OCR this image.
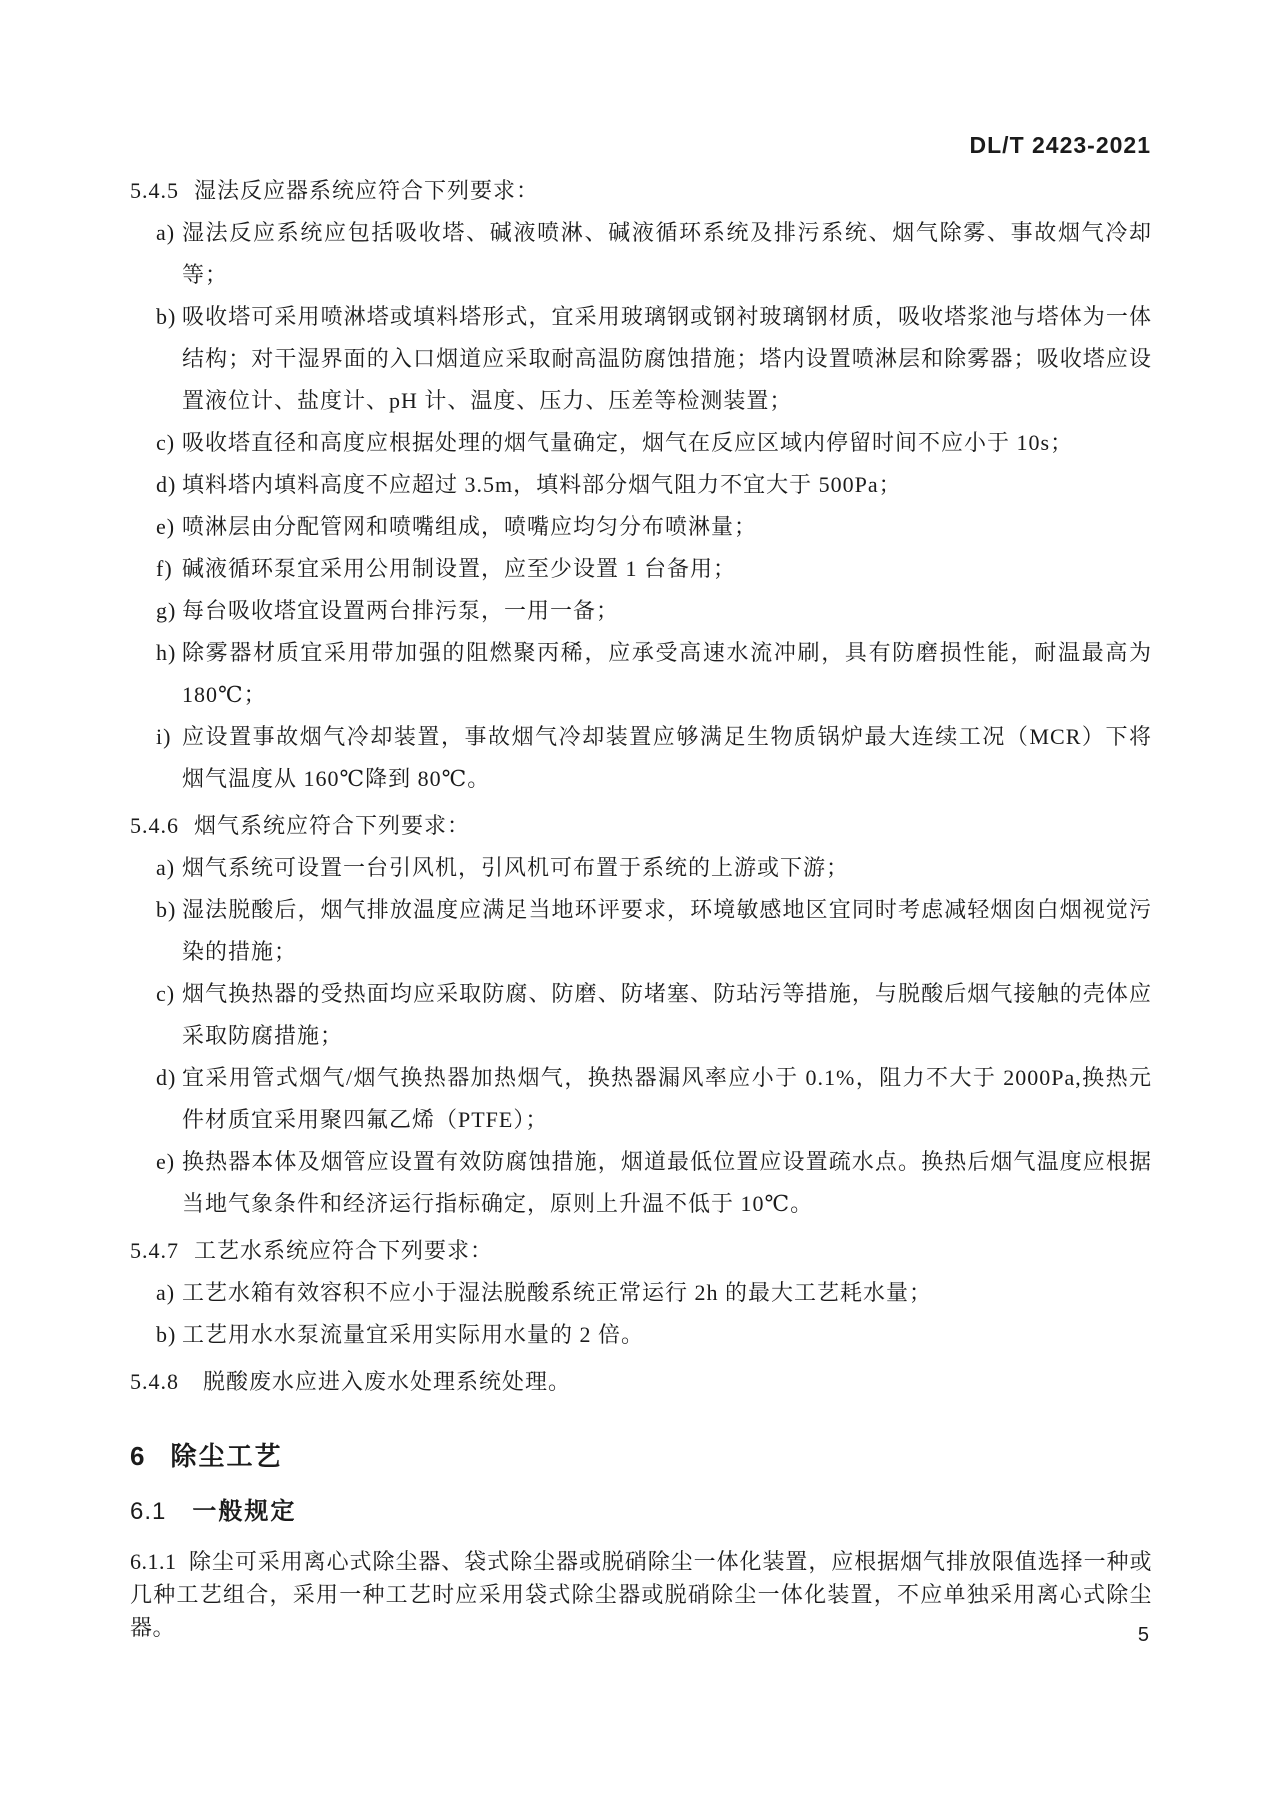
DL/T 2423-2021
5.4.5 湿法反应器系统应符合下列要求：
a) 湿法反应系统应包括吸收塔、碱液喷淋、碱液循环系统及排污系统、烟气除雾、事故烟气冷却等；
b) 吸收塔可采用喷淋塔或填料塔形式，宜采用玻璃钢或钢衬玻璃钢材质，吸收塔浆池与塔体为一体结构；对干湿界面的入口烟道应采取耐高温防腐蚀措施；塔内设置喷淋层和除雾器；吸收塔应设置液位计、盐度计、pH 计、温度、压力、压差等检测装置；
c) 吸收塔直径和高度应根据处理的烟气量确定，烟气在反应区域内停留时间不应小于 10s；
d) 填料塔内填料高度不应超过 3.5m，填料部分烟气阻力不宜大于 500Pa；
e) 喷淋层由分配管网和喷嘴组成，喷嘴应均匀分布喷淋量；
f) 碱液循环泵宜采用公用制设置，应至少设置 1 台备用；
g) 每台吸收塔宜设置两台排污泵，一用一备；
h) 除雾器材质宜采用带加强的阻燃聚丙稀，应承受高速水流冲刷，具有防磨损性能，耐温最高为 180℃；
i) 应设置事故烟气冷却装置，事故烟气冷却装置应够满足生物质锅炉最大连续工况（MCR）下将烟气温度从 160℃降到 80℃。
5.4.6 烟气系统应符合下列要求：
a) 烟气系统可设置一台引风机，引风机可布置于系统的上游或下游；
b) 湿法脱酸后，烟气排放温度应满足当地环评要求，环境敏感地区宜同时考虑减轻烟囱白烟视觉污染的措施；
c) 烟气换热器的受热面均应采取防腐、防磨、防堵塞、防玷污等措施，与脱酸后烟气接触的壳体应采取防腐措施；
d) 宜采用管式烟气/烟气换热器加热烟气，换热器漏风率应小于 0.1%，阻力不大于 2000Pa,换热元件材质宜采用聚四氟乙烯（PTFE）；
e) 换热器本体及烟管应设置有效防腐蚀措施，烟道最低位置应设置疏水点。换热后烟气温度应根据当地气象条件和经济运行指标确定，原则上升温不低于 10℃。
5.4.7 工艺水系统应符合下列要求：
a) 工艺水箱有效容积不应小于湿法脱酸系统正常运行 2h 的最大工艺耗水量；
b) 工艺用水水泵流量宜采用实际用水量的 2 倍。
5.4.8 脱酸废水应进入废水处理系统处理。
6 除尘工艺
6.1 一般规定

6.1.1 除尘可采用离心式除尘器、袋式除尘器或脱硝除尘一体化装置，应根据烟气排放限值选择一种或几种工艺组合，采用一种工艺时应采用袋式除尘器或脱硝除尘一体化装置，不应单独采用离心式除尘器。	5
